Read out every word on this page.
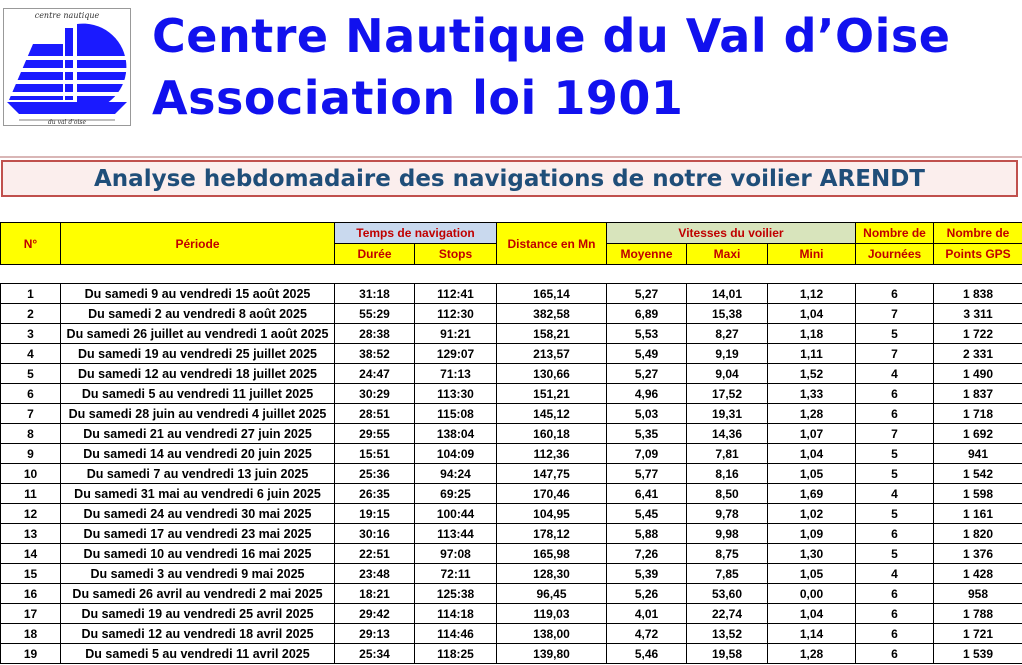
centre nautique
du val d'oise
Centre Nautique du Val d’Oise
Association loi 1901
Analyse hebdomadaire des navigations de notre voilier ARENDT
N°	Période	Temps de navigation		Distance en Mn	Vitesses du voilier			Nombre de	Nombre de
		Durée	Stops		Moyenne	Maxi	Mini	Journées	Points GPS

1	Du samedi 9 au vendredi 15 août 2025	31:18	112:41	165,14	5,27	14,01	1,12	6	1 838
2	Du samedi 2 au vendredi 8 août 2025	55:29	112:30	382,58	6,89	15,38	1,04	7	3 311
3	Du samedi 26 juillet au vendredi 1 août 2025	28:38	91:21	158,21	5,53	8,27	1,18	5	1 722
4	Du samedi 19 au vendredi 25 juillet 2025	38:52	129:07	213,57	5,49	9,19	1,11	7	2 331
5	Du samedi 12 au vendredi 18 juillet 2025	24:47	71:13	130,66	5,27	9,04	1,52	4	1 490
6	Du samedi 5 au vendredi 11 juillet 2025	30:29	113:30	151,21	4,96	17,52	1,33	6	1 837
7	Du samedi 28 juin au vendredi 4 juillet 2025	28:51	115:08	145,12	5,03	19,31	1,28	6	1 718
8	Du samedi 21 au vendredi 27 juin 2025	29:55	138:04	160,18	5,35	14,36	1,07	7	1 692
9	Du samedi 14 au vendredi 20 juin 2025	15:51	104:09	112,36	7,09	7,81	1,04	5	941
10	Du samedi 7 au vendredi 13 juin 2025	25:36	94:24	147,75	5,77	8,16	1,05	5	1 542
11	Du samedi 31 mai au vendredi 6 juin 2025	26:35	69:25	170,46	6,41	8,50	1,69	4	1 598
12	Du samedi 24 au vendredi 30 mai 2025	19:15	100:44	104,95	5,45	9,78	1,02	5	1 161
13	Du samedi 17 au vendredi 23 mai 2025	30:16	113:44	178,12	5,88	9,98	1,09	6	1 820
14	Du samedi 10 au vendredi 16 mai 2025	22:51	97:08	165,98	7,26	8,75	1,30	5	1 376
15	Du samedi 3 au vendredi 9 mai 2025	23:48	72:11	128,30	5,39	7,85	1,05	4	1 428
16	Du samedi 26 avril au vendredi 2 mai 2025	18:21	125:38	96,45	5,26	53,60	0,00	6	958
17	Du samedi 19 au vendredi 25 avril 2025	29:42	114:18	119,03	4,01	22,74	1,04	6	1 788
18	Du samedi 12 au vendredi 18 avril 2025	29:13	114:46	138,00	4,72	13,52	1,14	6	1 721
19	Du samedi 5 au vendredi 11 avril 2025	25:34	118:25	139,80	5,46	19,58	1,28	6	1 539
